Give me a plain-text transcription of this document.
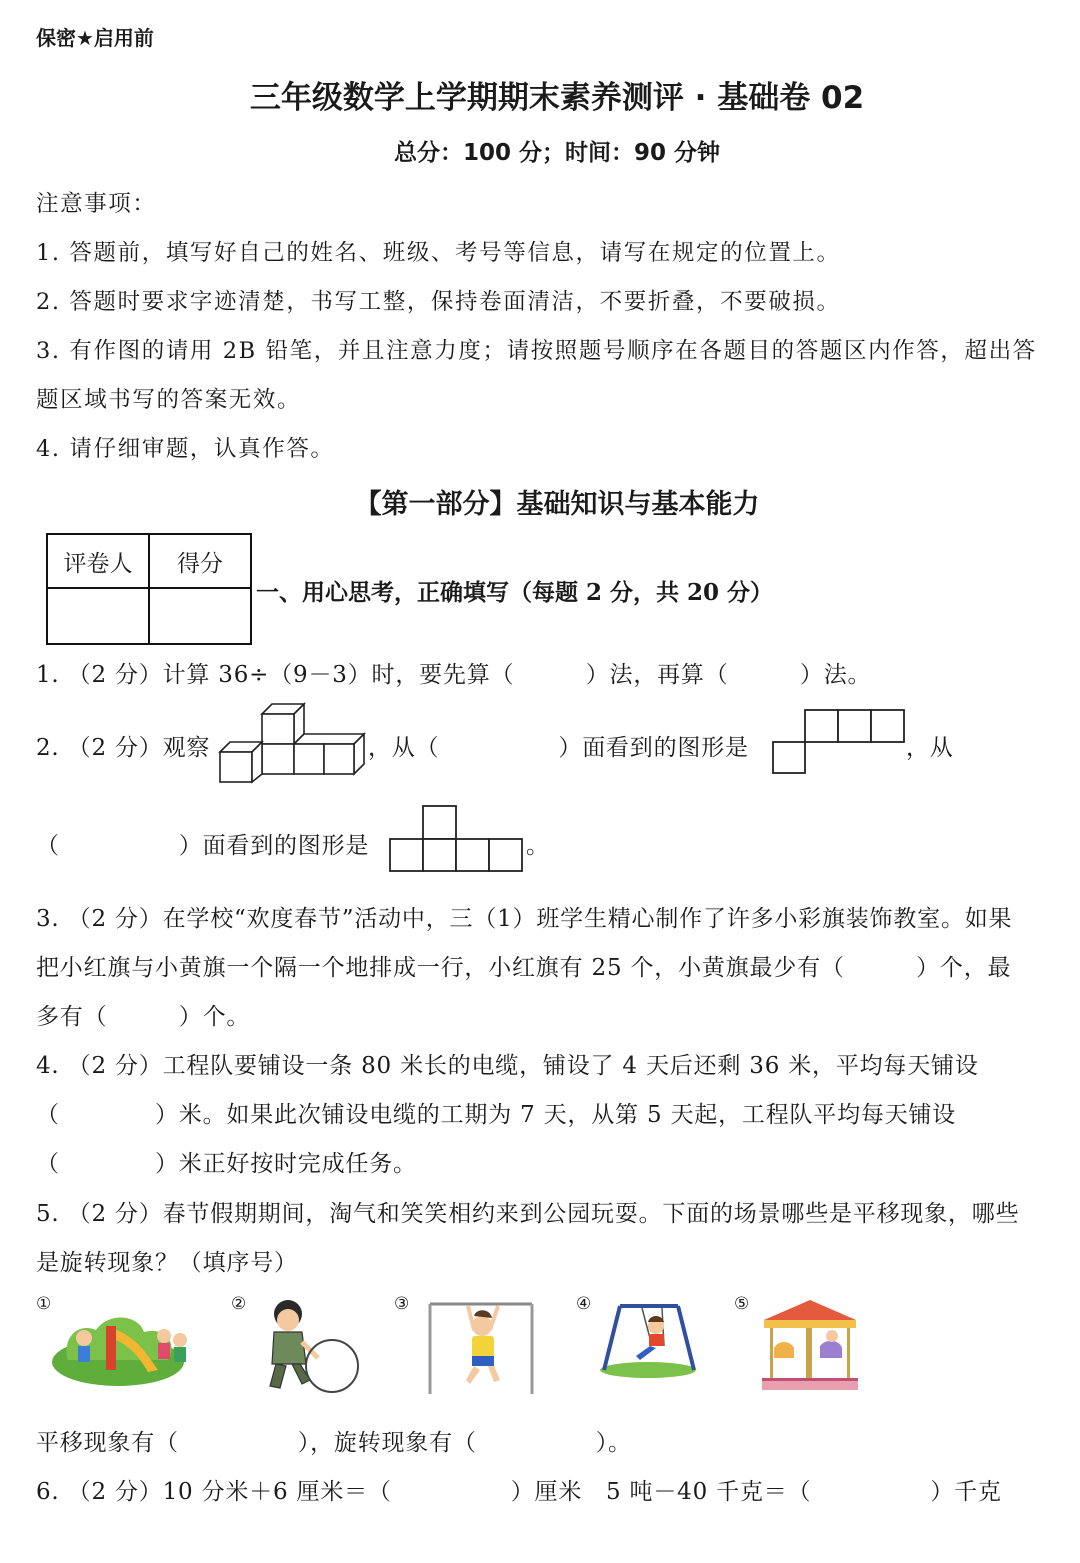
保密★启用前
三年级数学上学期期末素养测评 · 基础卷 02
总分：100 分；时间：90 分钟
注意事项：
1. 答题前，填写好自己的姓名、班级、考号等信息，请写在规定的位置上。
2. 答题时要求字迹清楚，书写工整，保持卷面清洁，不要折叠，不要破损。
3. 有作图的请用 2B 铅笔，并且注意力度；请按照题号顺序在各题目的答题区内作答，超出答
题区域书写的答案无效。
4. 请仔细审题，认真作答。
【第一部分】基础知识与基本能力
评卷人	得分

一、用心思考，正确填写（每题 2 分，共 20 分）
1. （2 分）计算 36÷（9－3）时，要先算（　　　）法，再算（　　　）法。
2. （2 分）观察	，从（　　　　　）面看到的图形是	，从
（　　　　　）面看到的图形是	。
3. （2 分）在学校“欢度春节”活动中，三（1）班学生精心制作了许多小彩旗装饰教室。如果
把小红旗与小黄旗一个隔一个地排成一行，小红旗有 25 个，小黄旗最少有（　　　）个，最
多有（　　　）个。
4. （2 分）工程队要铺设一条 80 米长的电缆，铺设了 4 天后还剩 36 米，平均每天铺设
（　　　　）米。如果此次铺设电缆的工期为 7 天，从第 5 天起，工程队平均每天铺设
（　　　　）米正好按时完成任务。
5. （2 分）春节假期期间，淘气和笑笑相约来到公园玩耍。下面的场景哪些是平移现象，哪些
是旋转现象？（填序号）
①	②	③	④	⑤
平移现象有（　　　　　），旋转现象有（　　　　　）。
6. （2 分）10 分米＋6 厘米＝（　　　　　）厘米 5 吨－40 千克＝（　　　　　）千克
